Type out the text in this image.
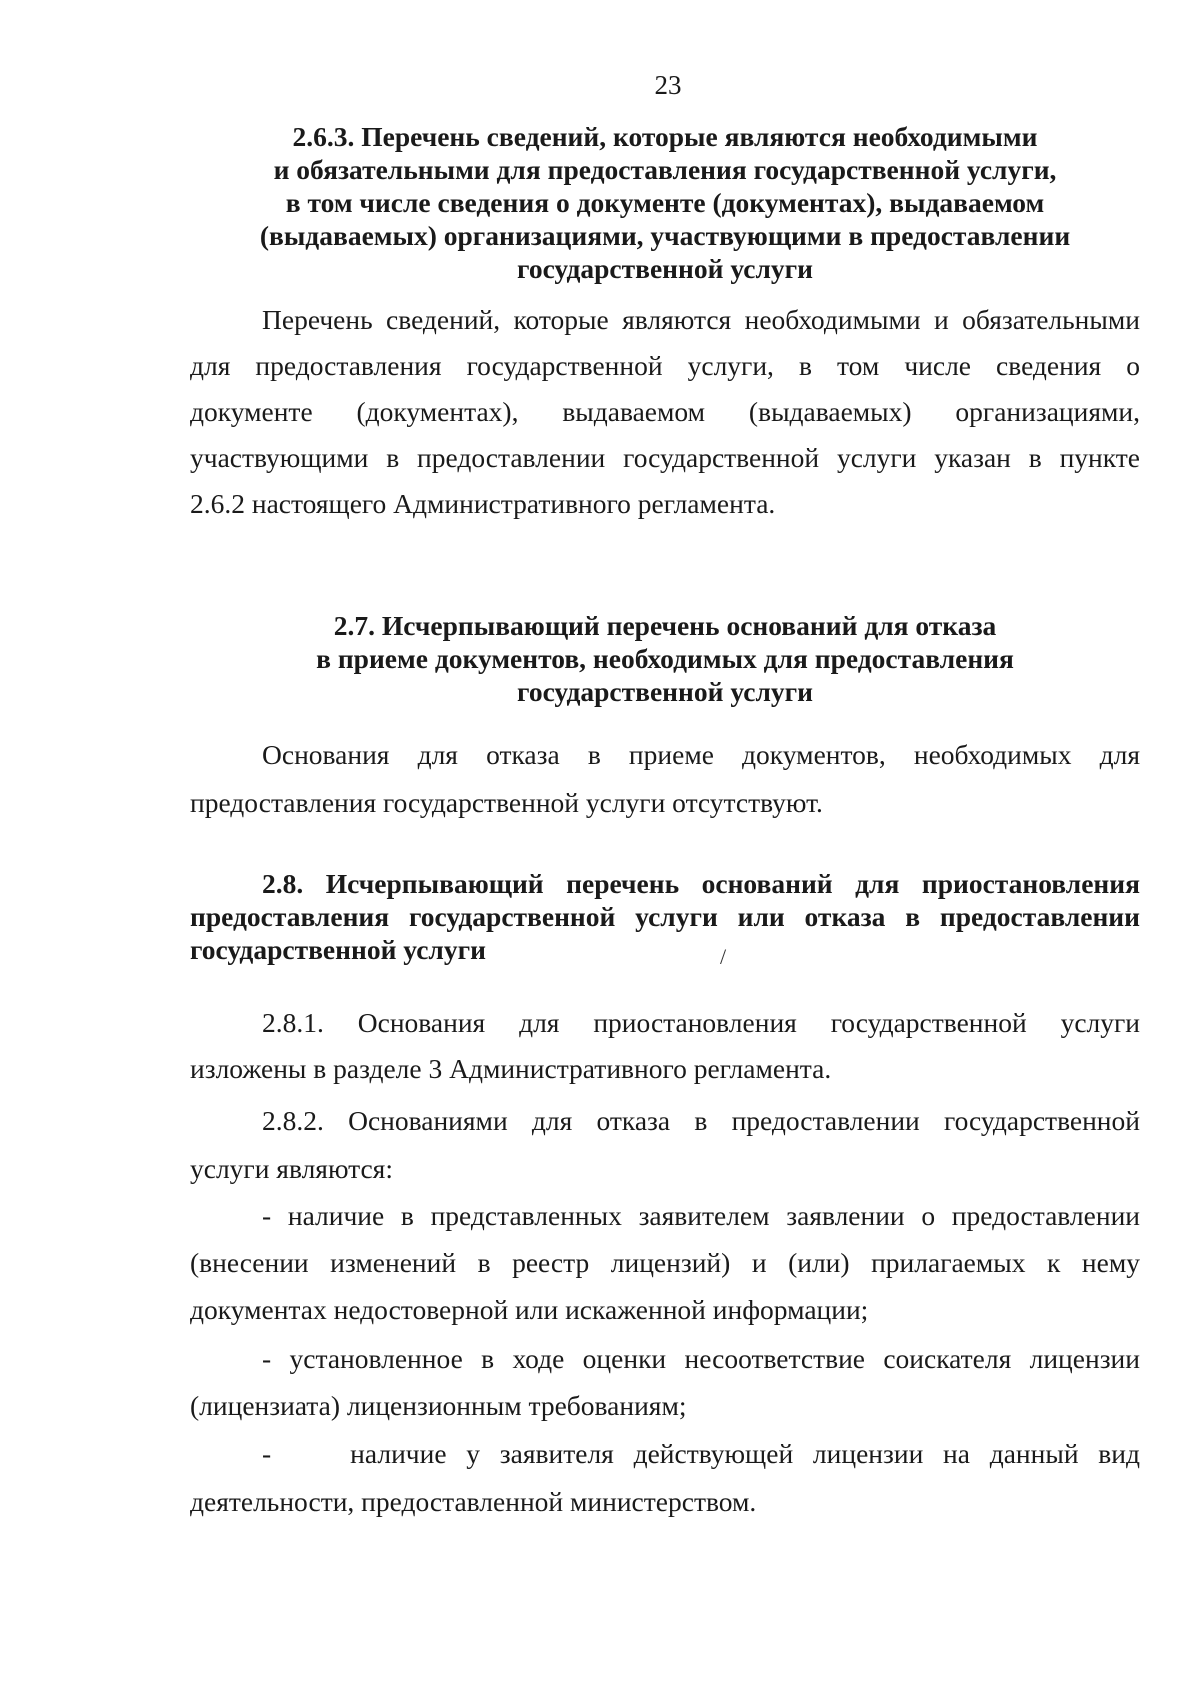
23
2.6.3. Перечень сведений, которые являются необходимыми
и обязательными для предоставления государственной услуги,
в том числе сведения о документе (документах), выдаваемом
(выдаваемых) организациями, участвующими в предоставлении
государственной услуги
Перечень сведений, которые являются необходимыми и обязательными
для предоставления государственной услуги, в том числе сведения о
документе (документах), выдаваемом (выдаваемых) организациями,
участвующими в предоставлении государственной услуги указан в пункте
2.6.2 настоящего Административного регламента.
2.7. Исчерпывающий перечень оснований для отказа
в приеме документов, необходимых для предоставления
государственной услуги
Основания для отказа в приеме документов, необходимых для
предоставления государственной услуги отсутствуют.
2.8. Исчерпывающий перечень оснований для приостановления
предоставления государственной услуги или отказа в предоставлении
государственной услуги	/
2.8.1. Основания для приостановления государственной услуги
изложены в разделе 3 Административного регламента.
2.8.2. Основаниями для отказа в предоставлении государственной
услуги являются:
- наличие в представленных заявителем заявлении о предоставлении
(внесении изменений в реестр лицензий) и (или) прилагаемых к нему
документах недостоверной или искаженной информации;
- установленное в ходе оценки несоответствие соискателя лицензии
(лицензиата) лицензионным требованиям;
-    наличие у заявителя действующей лицензии на данный вид
деятельности, предоставленной министерством.
